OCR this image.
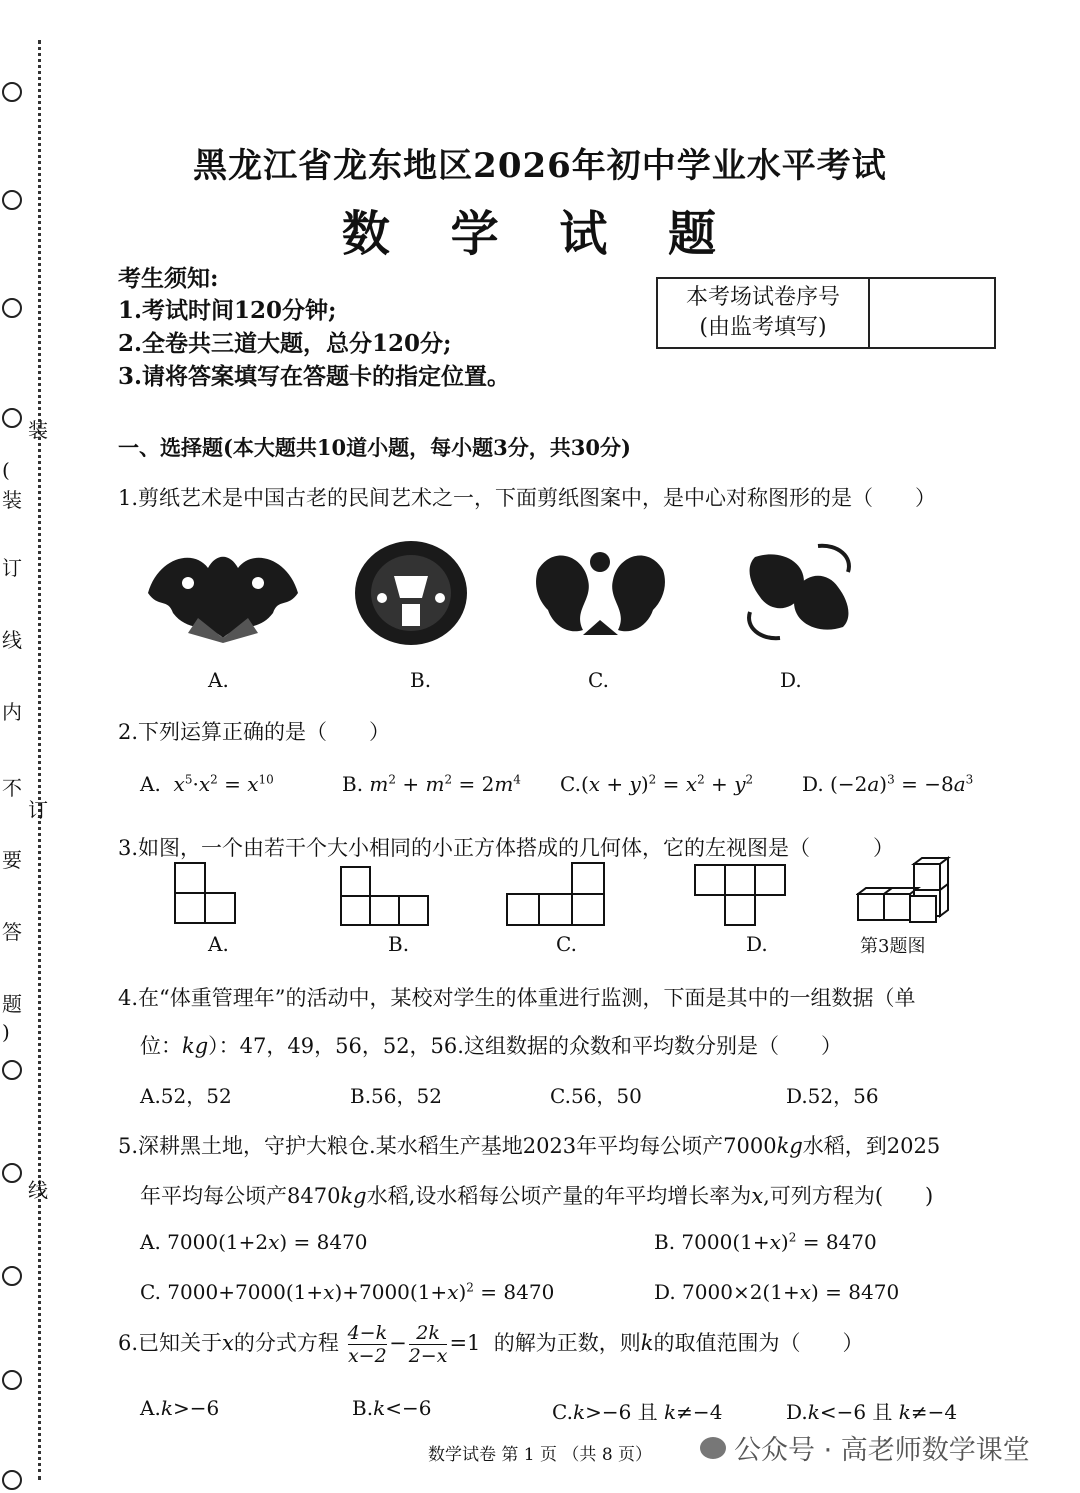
装
(
装
订
线
内
不
订
要
答
题
)
线
黑龙江省龙东地区2026年初中学业水平考试
数 学 试 题
考生须知:
1.考试时间120分钟;
2.全卷共三道大题，总分120分;
3.请将答案填写在答题卡的指定位置。
本考场试卷序号
(由监考填写)
一、选择题(本大题共10道小题，每小题3分，共30分)
1.剪纸艺术是中国古老的民间艺术之一，下面剪纸图案中，是中心对称图形的是（　　）
A.	B.	C.	D.
2.下列运算正确的是（　　）
A. $x^5\cdot x^2 = x^{10}$	B. $m^2 + m^2 = 2m^4$ $C.(x + y)^2 = x^2 + y^2$ D. $(-2a)^3 = -8a^3$
3.如图，一个由若干个大小相同的小正方体搭成的几何体，它的左视图是（　　　）
A.	B.	C.	D.	第3题图
4.在“体重管理年”的活动中，某校对学生的体重进行监测，下面是其中的一组数据（单
位：kg）：47，49，56，52，56.这组数据的众数和平均数分别是（　　）
A.52，52	B.56，52	C.56，50	D.52，56
5.深耕黑土地，守护大粮仓.某水稻生产基地2023年平均每公顷产7000kg水稻，到2025
年平均每公顷产8470kg水稻,设水稻每公顷产量的年平均增长率为x,可列方程为(　　)
A. 7000(1+2x) = 8470	B. $7000(1+x)^2 = 8470$
C. $7000+7000(1+x)+7000(1+x)^2 = 8470$	D. 7000×2(1+x) = 8470
6.已知关于x的分式方程 $\frac{4-k}{x-2} - \frac{2k}{2-x} =1$  的解为正数，则k的取值范围为（　　）
A.k>−6	B.k<−6	C.k>−6 且 k≠−4	D.k<−6 且 k≠−4
数学试卷 第 1 页 （共 8 页）	公众号 · 高老师数学课堂
